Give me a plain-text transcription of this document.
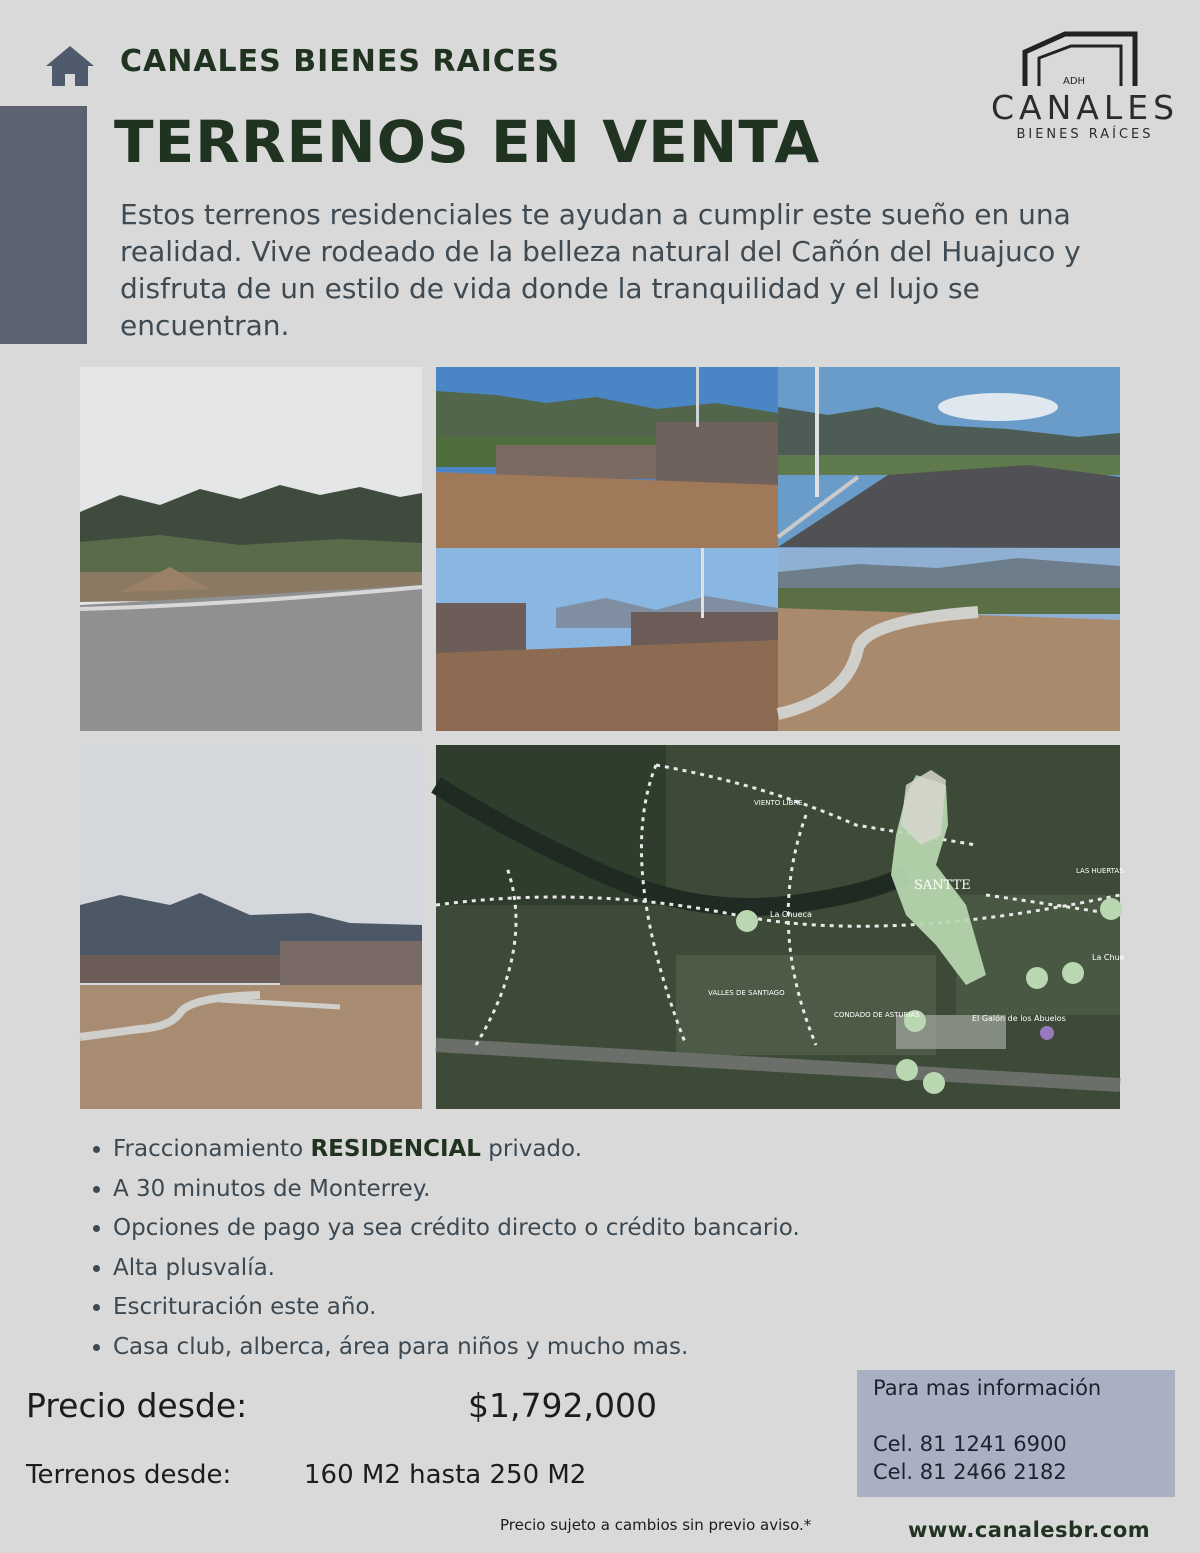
CANALES BIENES RAICES
TERRENOS EN VENTA
Estos terrenos residenciales te ayudan a cumplir este sueño en una realidad. Vive rodeado de la belleza natural del Cañón del Huajuco y disfruta de un estilo de vida donde la tranquilidad y el lujo se encuentran.
ADH
CANALES
BIENES RAÍCES
VIENTO LIBRE
LAS HUERTAS
La Chueca
La Chue
VALLES DE SANTIAGO
CONDADO DE ASTURIAS	El Galón de los Abuelos
SANTTE
• Fraccionamiento RESIDENCIAL privado.
• A 30 minutos de Monterrey.
• Opciones de pago ya sea crédito directo o crédito bancario.
• Alta plusvalía.
• Escrituración este año.
• Casa club, alberca, área para niños y mucho mas.
Precio desde:	$1,792,000
Terrenos desde:	160 M2 hasta 250 M2
Para mas información
Cel. 81 1241 6900
Cel. 81 2466 2182
Precio sujeto a cambios sin previo aviso.*	www.canalesbr.com
